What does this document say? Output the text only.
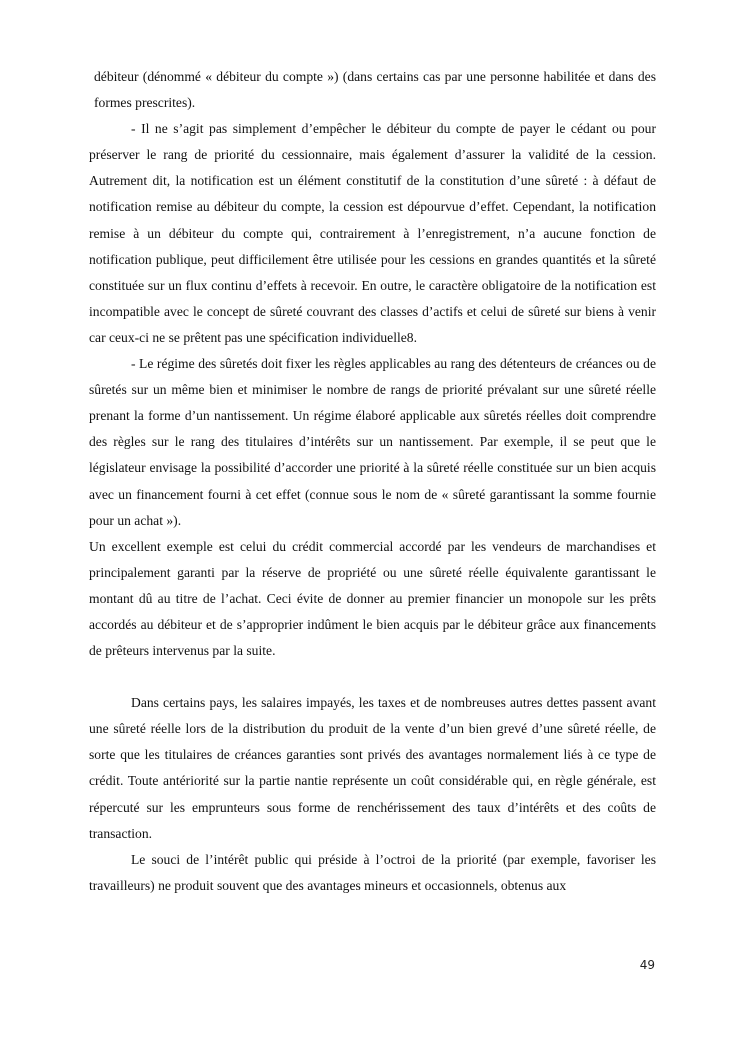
débiteur (dénommé « débiteur du compte ») (dans certains cas par une personne habilitée et dans des formes prescrites).

- Il ne s’agit pas simplement d’empêcher le débiteur du compte de payer le cédant ou pour préserver le rang de priorité du cessionnaire, mais également d’assurer la validité de la cession. Autrement dit, la notification est un élément constitutif de la constitution d’une sûreté : à défaut de notification remise au débiteur du compte, la cession est dépourvue d’effet. Cependant, la notification remise à un débiteur du compte qui, contrairement à l’enregistrement, n’a aucune fonction de notification publique, peut difficilement être utilisée pour les cessions en grandes quantités et la sûreté constituée sur un flux continu d’effets à recevoir. En outre, le caractère obligatoire de la notification est incompatible avec le concept de sûreté couvrant des classes d’actifs et celui de sûreté sur biens à venir car ceux-ci ne se prêtent pas une spécification individuelle8.

- Le régime des sûretés doit fixer les règles applicables au rang des détenteurs de créances ou de sûretés sur un même bien et minimiser le nombre de rangs de priorité prévalant sur une sûreté réelle prenant la forme d’un nantissement. Un régime élaboré applicable aux sûretés réelles doit comprendre des règles sur le rang des titulaires d’intérêts sur un nantissement. Par exemple, il se peut que le législateur envisage la possibilité d’accorder une priorité à la sûreté réelle constituée sur un bien acquis avec un financement fourni à cet effet (connue sous le nom de « sûreté garantissant la somme fournie pour un achat »).

Un excellent exemple est celui du crédit commercial accordé par les vendeurs de marchandises et principalement garanti par la réserve de propriété ou une sûreté réelle équivalente garantissant le montant dû au titre de l’achat. Ceci évite de donner au premier financier un monopole sur les prêts accordés au débiteur et de s’approprier indûment le bien acquis par le débiteur grâce aux financements de prêteurs intervenus par la suite.

Dans certains pays, les salaires impayés, les taxes et de nombreuses autres dettes passent avant une sûreté réelle lors de la distribution du produit de la vente d’un bien grevé d’une sûreté réelle, de sorte que les titulaires de créances garanties sont privés des avantages normalement liés à ce type de crédit. Toute antériorité sur la partie nantie représente un coût considérable qui, en règle générale, est répercuté sur les emprunteurs sous forme de renchérissement des taux d’intérêts et des coûts de transaction.

Le souci de l’intérêt public qui préside à l’octroi de la priorité (par exemple, favoriser les travailleurs) ne produit souvent que des avantages mineurs et occasionnels, obtenus aux

49
